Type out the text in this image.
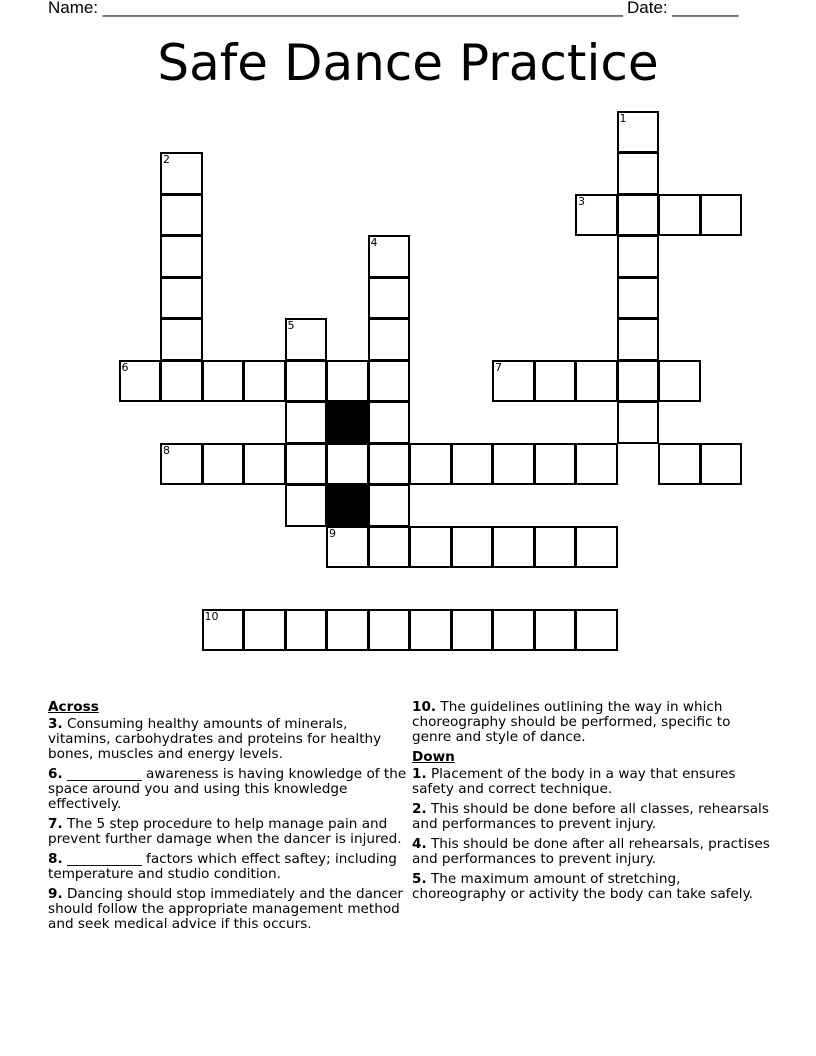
Name: _______________________________________________________ Date: _______
Safe Dance Practice
1
2
3
4
5
6	7
8
9
10
Across
3. Consuming healthy amounts of minerals, vitamins, carbohydrates and proteins for healthy bones, muscles and energy levels.
6. ___________ awareness is having knowledge of the space around you and using this knowledge effectively.
7. The 5 step procedure to help manage pain and prevent further damage when the dancer is injured.
8. ___________ factors which effect saftey; including temperature and studio condition.
9. Dancing should stop immediately and the dancer should follow the appropriate management method and seek medical advice if this occurs.
10. The guidelines outlining the way in which choreography should be performed, specific to genre and style of dance.
Down
1. Placement of the body in a way that ensures safety and correct technique.
2. This should be done before all classes, rehearsals and performances to prevent injury.
4. This should be done after all rehearsals, practises and performances to prevent injury.
5. The maximum amount of stretching, choreography or activity the body can take safely.
